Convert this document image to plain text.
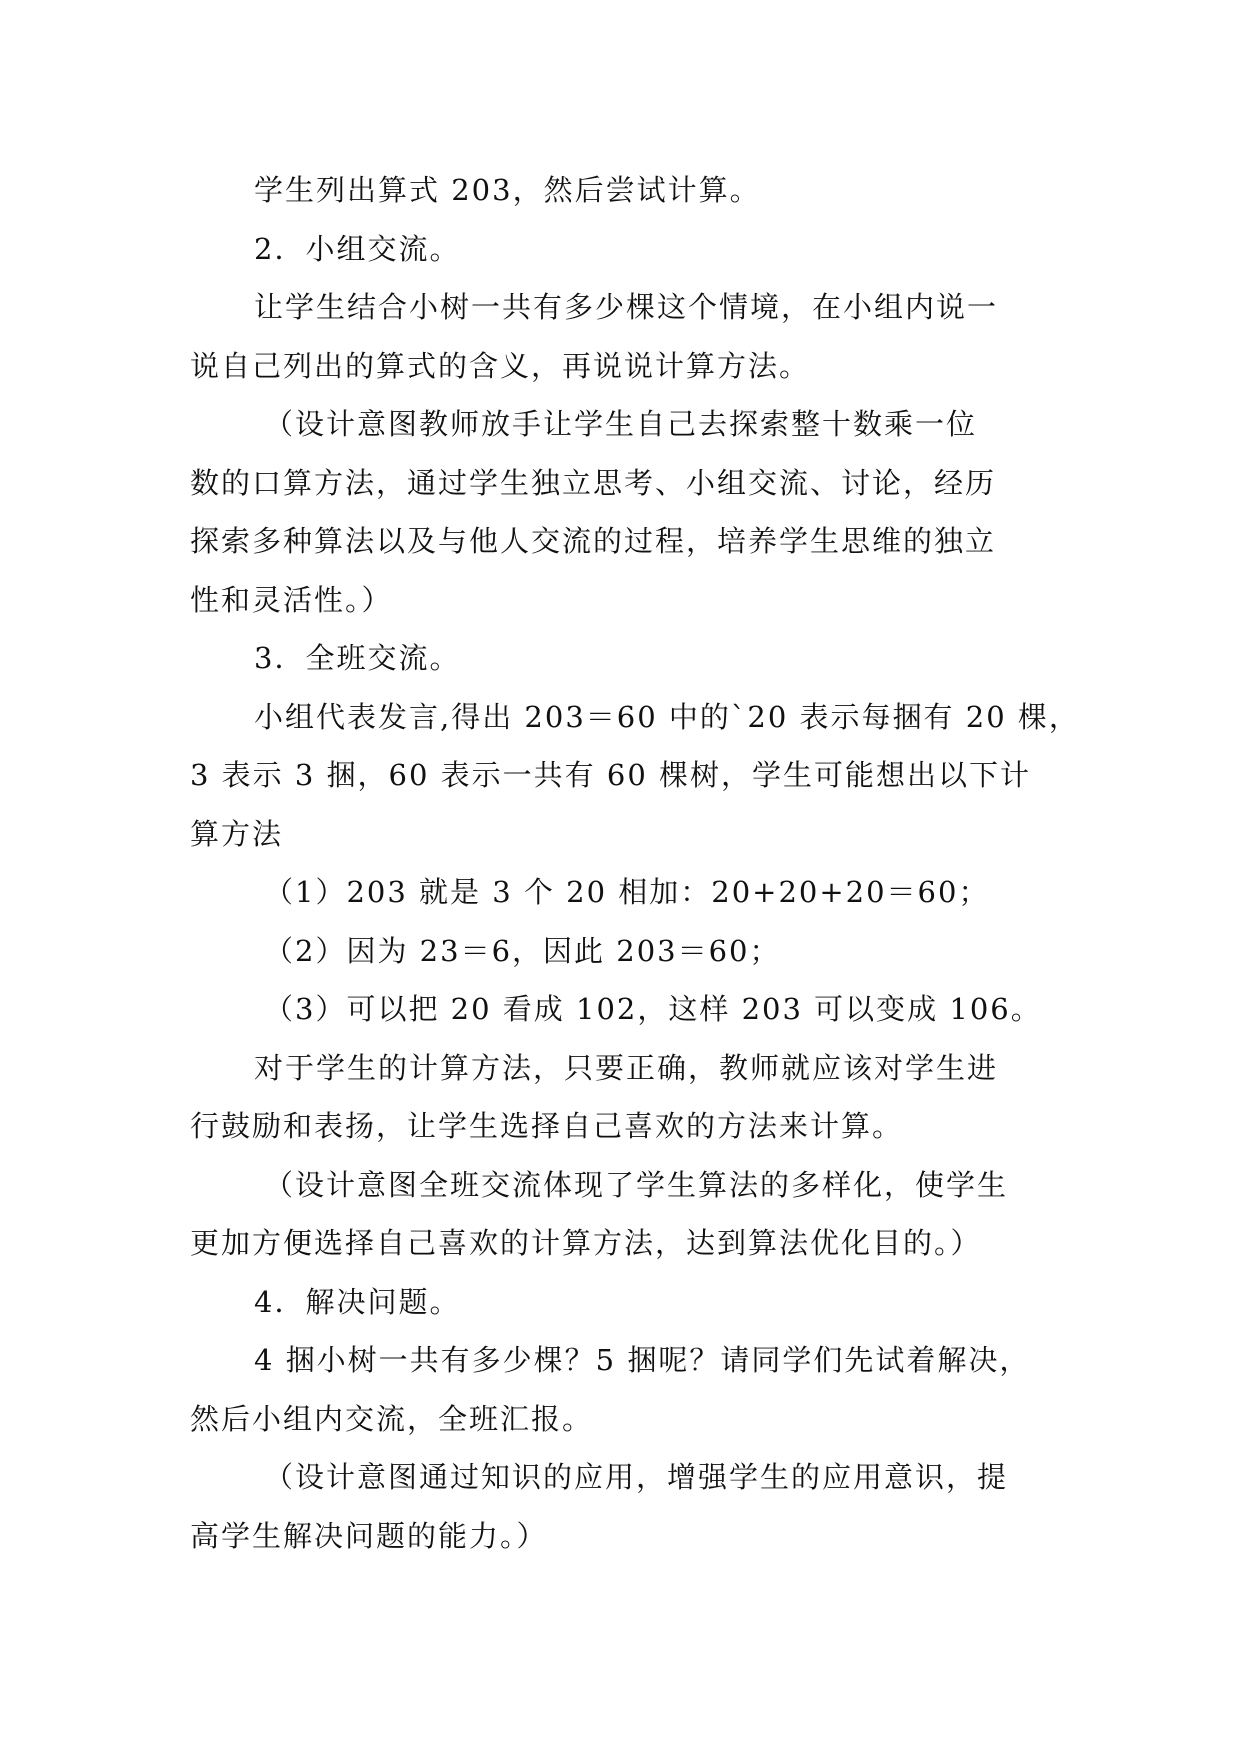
学生列出算式 203，然后尝试计算。
2．小组交流。
让学生结合小树一共有多少棵这个情境，在小组内说一
说自己列出的算式的含义，再说说计算方法。
（设计意图教师放手让学生自己去探索整十数乘一位
数的口算方法，通过学生独立思考、小组交流、讨论，经历
探索多种算法以及与他人交流的过程，培养学生思维的独立
性和灵活性。）
3．全班交流。
小组代表发言,得出 203＝60 中的`20 表示每捆有 20 棵，
3 表示 3 捆，60 表示一共有 60 棵树，学生可能想出以下计
算方法
（1）203 就是 3 个 20 相加：20+20+20＝60；
（2）因为 23＝6，因此 203＝60；
（3）可以把 20 看成 102，这样 203 可以变成 106。
对于学生的计算方法，只要正确，教师就应该对学生进
行鼓励和表扬，让学生选择自己喜欢的方法来计算。
（设计意图全班交流体现了学生算法的多样化，使学生
更加方便选择自己喜欢的计算方法，达到算法优化目的。）
4．解决问题。
4 捆小树一共有多少棵？5 捆呢？请同学们先试着解决，
然后小组内交流，全班汇报。
（设计意图通过知识的应用，增强学生的应用意识，提
高学生解决问题的能力。）
